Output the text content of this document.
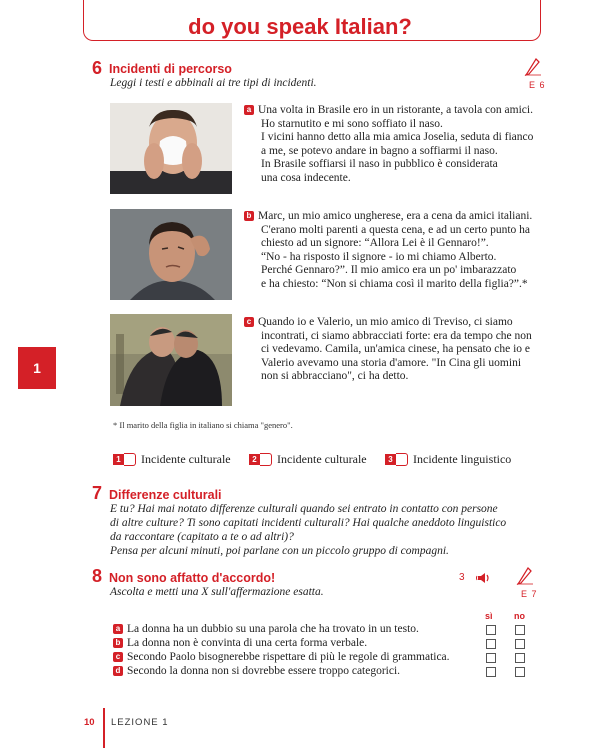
do you speak Italian?
1
6 Incidenti di percorso
Leggi i testi e abbinali ai tre tipi di incidenti.	E 6
a Una volta in Brasile ero in un ristorante, a tavola con amici.
Ho starnutito e mi sono soffiato il naso.
I vicini hanno detto alla mia amica Joselia, seduta di fianco
a me, se potevo andare in bagno a soffiarmi il naso.
In Brasile soffiarsi il naso in pubblico è considerata
una cosa indecente.
b Marc, un mio amico ungherese, era a cena da amici italiani.
C'erano molti parenti a questa cena, e ad un certo punto ha
chiesto ad un signore: “Allora Lei è il Gennaro!”.
“No - ha risposto il signore - io mi chiamo Alberto.
Perché Gennaro?”. Il mio amico era un po' imbarazzato
e ha chiesto: “Non si chiama così il marito della figlia?”.*
c Quando io e Valerio, un mio amico di Treviso, ci siamo
incontrati, ci siamo abbracciati forte: era da tempo che non
ci vedevamo. Camila, un'amica cinese, ha pensato che io e
Valerio avevamo una storia d'amore. "In Cina gli uomini
non si abbracciano", ci ha detto.
* Il marito della figlia in italiano si chiama "genero".
1 Incidente culturale	2 Incidente culturale	3 Incidente linguistico
7 Differenze culturali
E tu? Hai mai notato differenze culturali quando sei entrato in contatto con persone
di altre culture? Ti sono capitati incidenti culturali? Hai qualche aneddoto linguistico
da raccontare (capitato a te o ad altri)?
Pensa per alcuni minuti, poi parlane con un piccolo gruppo di compagni.
8 Non sono affatto d'accordo!
Ascolta e metti una X sull'affermazione esatta.
3
E 7
sì no
a La donna ha un dubbio su una parola che ha trovato in un testo.
b La donna non è convinta di una certa forma verbale.
c Secondo Paolo bisognerebbe rispettare di più le regole di grammatica.
d Secondo la donna non si dovrebbe essere troppo categorici.
10 LEZIONE 1
